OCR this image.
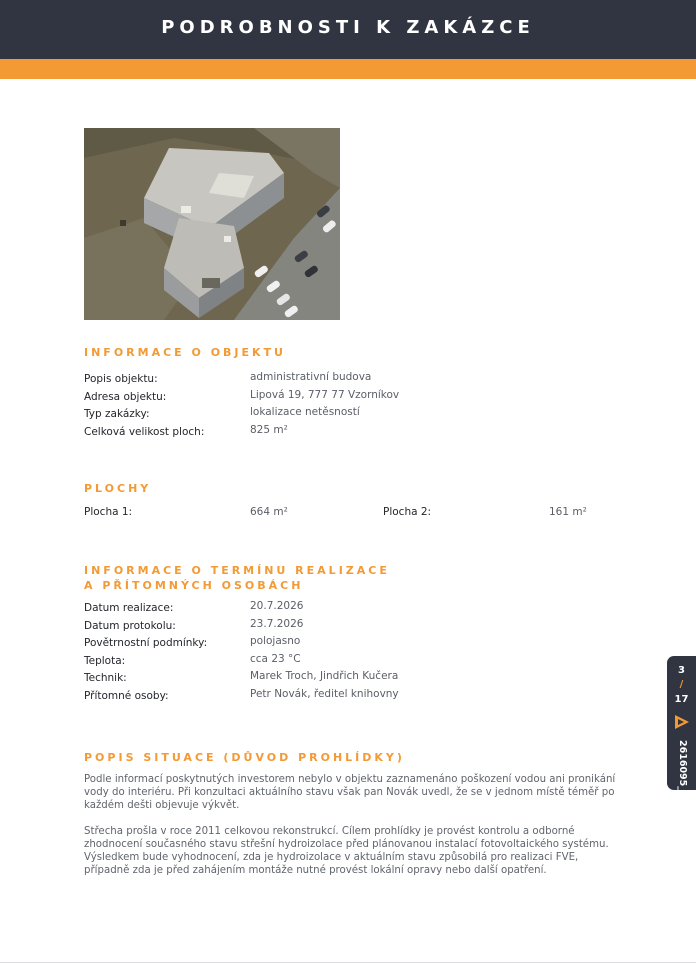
PODROBNOSTI K ZAKÁZCE
INFORMACE O OBJEKTU
Popis objektu:	administrativní budova
Adresa objektu:	Lipová 19, 777 77 Vzorníkov
Typ zakázky:	lokalizace netěsností
Celková velikost ploch:	825 m²
PLOCHY
Plocha 1:	664 m²	Plocha 2:	161 m²
INFORMACE O TERMÍNU REALIZACE
A PŘÍTOMNÝCH OSOBÁCH
Datum realizace:	20.7.2026
Datum protokolu:	23.7.2026
Povětrnostní podmínky:	polojasno
Teplota:	cca 23 °C
Technik:	Marek Troch, Jindřich Kučera
Přítomné osoby:	Petr Novák, ředitel knihovny
POPIS SITUACE (DŮVOD PROHLÍDKY)
Podle informací poskytnutých investorem nebylo v objektu zaznamenáno poškození vodou ani pronikání vody do interiéru. Při konzultaci aktuálního stavu však pan Novák uvedl, že se v jednom místě téměř po každém dešti objevuje výkvět.
Střecha prošla v roce 2011 celkovou rekonstrukcí. Cílem prohlídky je provést kontrolu a odborné zhodnocení současného stavu střešní hydroizolace před plánovanou instalací fotovoltaického systému. Výsledkem bude vyhodnocení, zda je hydroizolace v aktuálním stavu způsobilá pro realizaci FVE, případně zda je před zahájením montáže nutné provést lokální opravy nebo další opatření.
3
/
17
2616095_002
